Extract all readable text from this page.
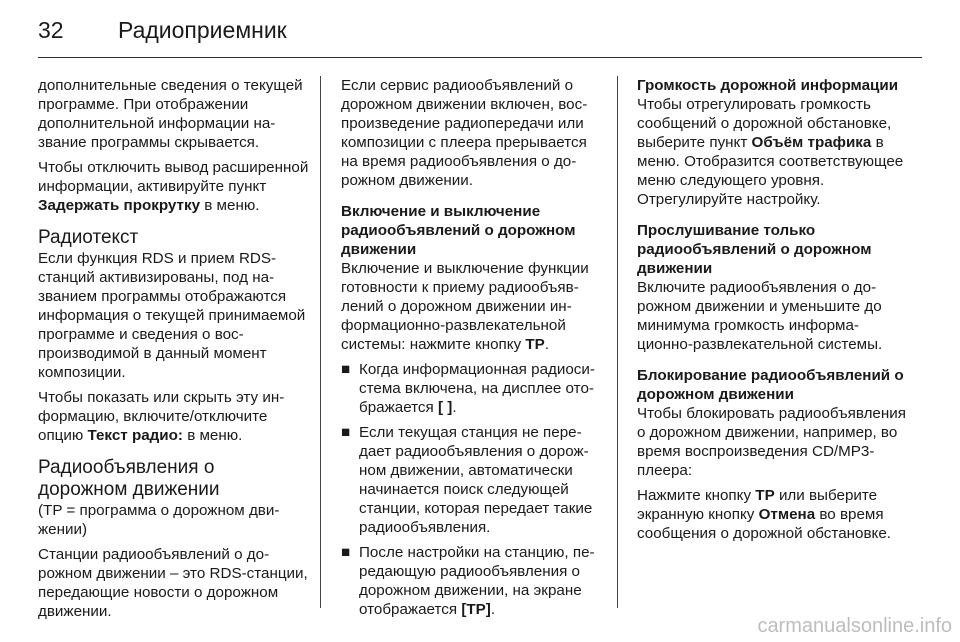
32	Радиоприемник

дополнительные сведения о текущей программе. При отображении дополнительной информации название программы скрывается.

Чтобы отключить вывод расширенной информации, активируйте пункт Задержать прокрутку в меню.

Радиотекст

Если функция RDS и прием RDS-станций активизированы, под названием программы отображаются информация о текущей принимаемой программе и сведения о воспроизводимой в данный момент композиции.

Чтобы показать или скрыть эту информацию, включите/отключите опцию Текст радио: в меню.

Радиообъявления о
дорожном движении

(TP = программа о дорожном движении)

Станции радиообъявлений о дорожном движении – это RDS-станции, передающие новости о дорожном движении.

Если сервис радиообъявлений о дорожном движении включен, воспроизведение радиопередачи или композиции с плеера прерывается на время радиообъявления о дорожном движении.

Включение и выключение радиообъявлений о дорожном движении

Включение и выключение функции готовности к приему радиообъявлений о дорожном движении информационно-развлекательной системы: нажмите кнопку TP.

■ Когда информационная радиосистема включена, на дисплее отображается [ ].
■ Если текущая станция не передает радиообъявления о дорожном движении, автоматически начинается поиск следующей станции, которая передает такие радиообъявления.
■ После настройки на станцию, передающую радиообъявления о дорожном движении, на экране отображается [TP].
Громкость дорожной информации

Чтобы отрегулировать громкость сообщений о дорожной обстановке, выберите пункт Объём трафика в меню. Отобразится соответствующее меню следующего уровня. Отрегулируйте настройку.

Прослушивание только радиообъявлений о дорожном движении

Включите радиообъявления о дорожном движении и уменьшите до минимума громкость информационно-развлекательной системы.

Блокирование радиообъявлений о дорожном движении

Чтобы блокировать радиообъявления о дорожном движении, например, во время воспроизведения CD/MP3-плеера:

Нажмите кнопку TP или выберите экранную кнопку Отмена во время сообщения о дорожной обстановке.

carmanualsonline.info
